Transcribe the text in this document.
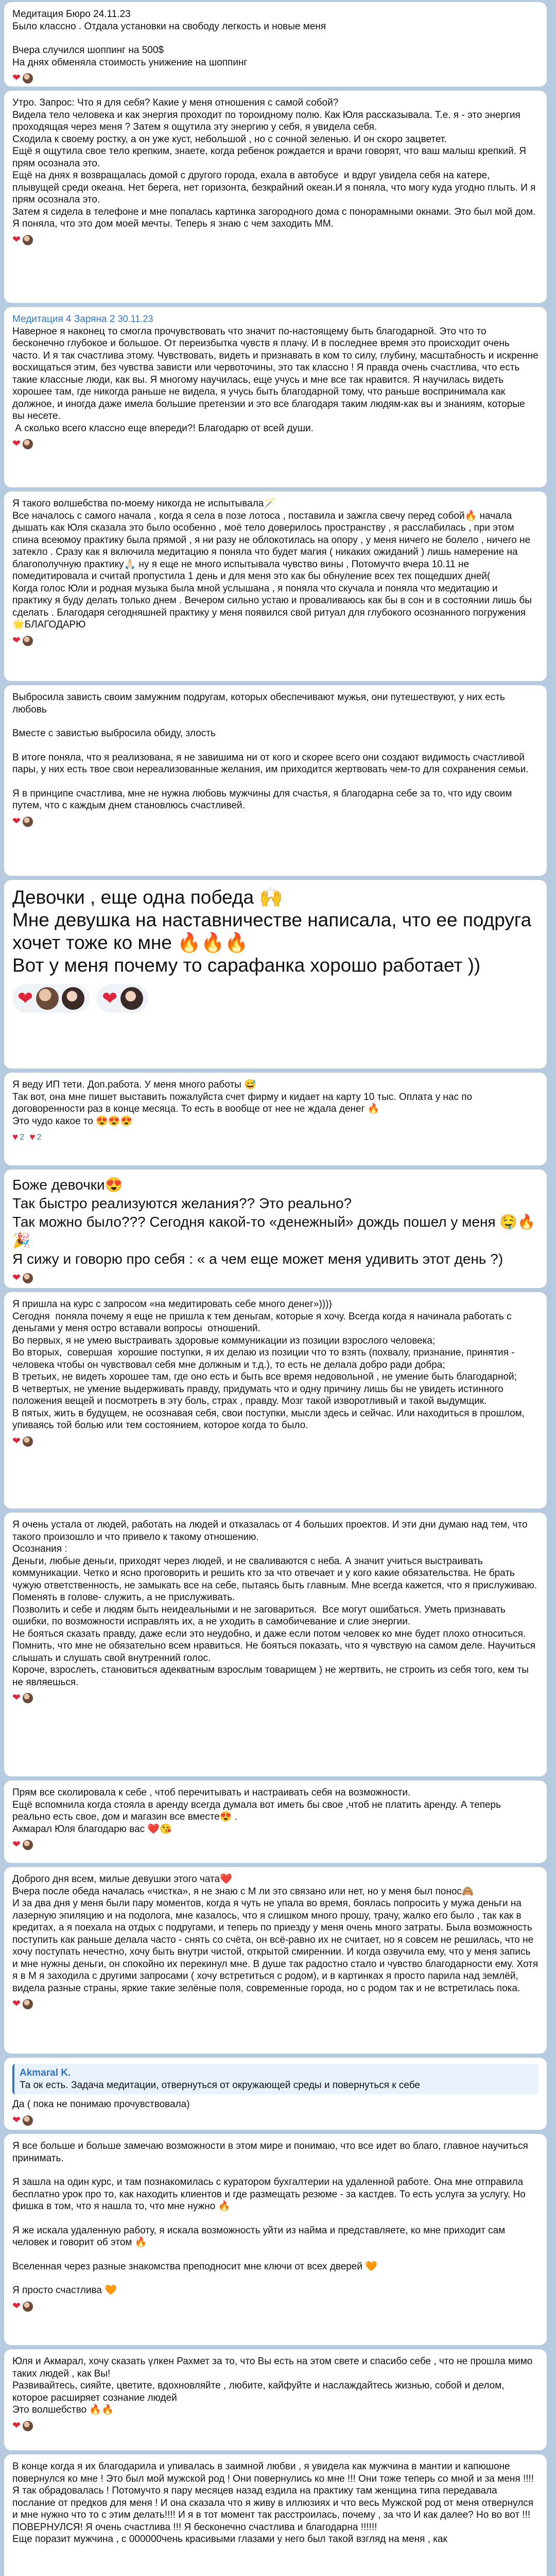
Медитация Бюро 24.11.23

Было классно . Отдала установки на свободу легкость и новые меня

Вчера случился шоппинг на 500$

На днях обменяла стоимость унижение на шоппинг

❤

Утро. Запрос: Что я для себя? Какие у меня отношения с самой собой?

Видела тело человека и как энергия проходит по тороидному полю. Как Юля рассказывала. Т.е. я - это энергия проходящая через меня ? Затем я ощутила эту энергию у себя, я увидела себя.

Сходила к своему ростку, а он уже куст, небольшой , но с сочной зеленью. И он скоро зацветет.

Ещё я ощутила свое тело крепким, знаете, когда ребенок рождается и врачи говорят, что ваш малыш крепкий. Я прям осознала это.

Ещё на днях я возвращалась домой с другого города, ехала в автобусе  и вдруг увидела себя на катере, плывущей среди океана. Нет берега, нет горизонта, безкрайний океан.И я поняла, что могу куда угодно плыть. И я прям осознала это.

Затем я сидела в телефоне и мне попалась картинка загородного дома с понорамными окнами. Это был мой дом. Я поняла, что это дом моей мечты. Теперь я знаю с чем заходить ММ.

❤

Медитация 4 Заряна 2 30.11.23

Наверное я наконец то смогла прочувствовать что значит по-настоящему быть благодарной. Это что то бесконечно глубокое и большое. От переизбытка чувств я плачу. И в последнее время это происходит очень часто. И я так счастлива этому. Чувствовать, видеть и признавать в ком то силу, глубину, масштабность и искренне восхищаться этим, без чувства зависти или червоточины, это так классно ! Я правда очень счастлива, что есть такие классные люди, как вы. Я многому научилась, еще учусь и мне все так нравится. Я научилась видеть хорошее там, где никогда раньше не видела, я учусь быть благодарной тому, что раньше воспринимала как должное, и иногда даже имела большие претензии и это все благодаря таким людям-как вы и знаниям, которые вы несете.

А сколько всего классно еще впереди?! Благодарю от всей души.

❤

Я такого волшебства по-моему никогда не испытывала🪄

Все началось с самого начала , когда я села в позе лотоса , поставила и зажгла свечу перед собой🔥 начала дышать как Юля сказала это было особенно , моё тело доверилось пространству , я расслабилась , при этом спина всеюмоу практику была прямой , я ни разу не облокотилась на опору , у меня ничего не болело , ничего не затекло . Сразу как я включила медитацию я поняла что будет магия ( никаких ожиданий ) лишь намерение на благополучную практику🙏🏻 ну я еще не много испытывала чувство вины , Потомучто вчера 10.11 не помедитировала и считай пропустила 1 день и для меня это как бы обнуление всех тех пощедших дней(

Когда голос Юли и родная музыка была мной услышана , я поняла что скучала и поняла что медитацию и практику я буду делать только днем . Вечером сильно устаю и проваливаюсь как бы в сон и в состоянии лишь бы сделать . Благодаря сегодняшней практику у меня появился свой ритуал для глубокого осознанного погружения 🌟БЛАГОДАРЮ

❤

Выбросила зависть своим замужним подругам, которых обеспечивают мужья, они путешествуют, у них есть любовь

Вместе с завистью выбросила обиду, злость

В итоге поняла, что я реализована, я не завишима ни от кого и скорее всего они создают видимость счастливой пары, у них есть твое свои нереализованные желания, им приходится жертвовать чем-то для сохранения семьи.

Я в принципе счастлива, мне не нужна любовь мужчины для счастья, я благодарна себе за то, что иду своим путем, что с каждым днем становлюсь счастливей.

❤

Девочки , еще одна победа 🙌

Мне девушка на наставничестве написала, что ее подруга хочет тоже ко мне 🔥🔥🔥

Вот у меня почему то сарафанка хорошо работает ))

❤	❤

Я веду ИП тети. Доп.работа. У меня много работы 😅

Так вот, она мне пишет выставить пожалуйста счет фирму и кидает на карту 10 тыс. Оплата у нас по договоренности раз в конце месяца. То есть в вообще от нее не ждала денег 🔥

Это чудо какое то 😍😍😍

♥ 2 ♥ 2

Боже девочки😍

Так быстро реализуются желания?? Это реально?

Так можно было??? Сегодня какой-то «денежный» дождь пошел у меня 🤤🔥🎉

Я сижу и говорю про себя : « а чем еще может меня удивить этот день ?)

❤

Я пришла на курс с запросом «на медитировать себе много денег»))))

Сегодня  поняла почему я еще не пришла к тем деньгам, которые я хочу. Всегда когда я начинала работать с деньгами у меня остро вставали вопросы  отношений.

Во первых, я не умею выстраивать здоровые коммуникации из позиции взрослого человека;

Во вторых,  совершая  хорошие поступки, я их делаю из позиции что то взять (похвалу, признание, принятия - человека чтобы он чувствовал себя мне должным и т.д.), то есть не делала добро ради добра;

В третьих, не видеть хорошее там, где оно есть и быть все время недовольной , не умение быть благодарной;

В четвертых, не умение выдерживать правду, придумать что и одну причину лишь бы не увидеть истинного положения вещей и посмотреть в эту боль, страх , правду. Мозг такой изворотливый и такой выдумщик.

В пятых, жить в будущем, не осознавая себя, свои поступки, мысли здесь и сейчас. Или находиться в прошлом, упиваясь той болью или тем состоянием, которое когда то было.

❤

Я очень устала от людей, работать на людей и отказалась от 4 больших проектов. И эти дни думаю над тем, что такого произошло и что привело к такому отношению.

Осознания :

Деньги, любые деньги, приходят через людей, и не сваливаются с неба. А значит учиться выстраивать коммуникации. Четко и ясно проговорить и решить кто за что отвечает и у кого какие обязательства. Не брать чужую ответственность, не замыкать все на себе, пытаясь быть главным. Мне всегда кажется, что я прислуживаю. Поменять в голове- служить, а не прислуживать.

Позволить и себе и людям быть неидеальными и не заговариться.  Все могут ошибаться. Уметь признавать ошибки, по возможности исправлять их, а не уходить в самобичевание и слие энергии.

Не бояться сказать правду, даже если это неудобно, и даже если потом человек ко мне будет плохо относиться. Помнить, что мне не обязательно всем нравиться. Не бояться показать, что я чувствую на самом деле. Научиться слышать и слушать свой внутренний голос.

Короче, взрослеть, становиться адекватным взрослым товарищем ) не жертвить, не строить из себя того, кем ты не являешься.

❤

Прям все сколировала к себе , чтоб перечитывать и настраивать себя на возможности.

Ещё вспомнила когда стояла в аренду всегда думала вот иметь бы свое ,чтоб не платить аренду. А теперь реально есть свое, дом и магазин все вместе😍 .

Акмарал Юля благодарю вас ❤️😘

❤

Доброго дня всем, милые девушки этого чата❤️

Вчера после обеда началась «чистка», я не знаю с М ли это связано или нет, но у меня был понос🙈

И за два дня у меня были пару моментов, когда я чуть не упала во время, боялась попросить у мужа деньги на  лазерную эпиляцию и на подолога, мне казалось, что я слишком много прошу, трачу, жалко его было , так как в кредитах, а я поехала на отдых с подругами, и теперь по приезду у меня очень много затраты. Была возможность поступить как раньше делала часто - снять со счёта, он всё-равно их не считает, но я совсем не решилась, что не хочу поступать нечестно, хочу быть внутри чистой, открытой смиреннии. И когда озвучила ему, что у меня запись и мне нужны деньги, он спокойно их перекинул мне. В душе так радостно стало и чувство благодарности ему. Хотя я в М я заходила с другими запросами ( хочу встретиться с родом), и в картинках я просто парила над землёй, видела разные страны, яркие такие зелёные поля, современные города, но с родом так и не встретилась пока.

❤
Akmaral K.
Та ок есть. Задача медитации, отвернуться от окружающей среды и повернуться к себе

Да ( пока не понимаю прочувствовала)

❤

Я все больше и больше замечаю возможности в этом мире и понимаю, что все идет во благо, главное научиться принимать.

Я зашла на один курс, и там познакомилась с куратором бухгалтерии на удаленной работе. Она мне отправила бесплатно урок про то, как находить клиентов и где размещать резюме - за кастдев. То есть услуга за услугу. Но фишка в том, что я нашла то, что мне нужно 🔥

Я же искала удаленную работу, я искала возможность уйти из найма и представляете, ко мне приходит сам человек и говорит об этом 🔥

Вселенная через разные знакомства преподносит мне ключи от всех дверей 🧡

Я просто счастлива 🧡

❤

Юля и Акмарал, хочу сказать үлкен Рахмет за то, что Вы есть на этом свете и спасибо себе , что не прошла мимо таких людей , как Вы!

Развивайтесь, сияйте, цветите, вдохновляйте , любите, кайфуйте и наслаждайтесь жизнью, собой и делом, которое расширяет сознание людей

Это волшебство 🔥🔥

❤

В конце когда я их благодарила и упивалась в заимной любви , я увидела как мужчина в мантии и капюшоне повернулся ко мне ! Это был мой мужской род ! Они повернулись ко мне !!! Они тоже теперь со мной и за меня !!!! Я так обрадовалась ! Потомучто я пару месяцев назад ездила на практику там женщина типа передавала послание от предков для меня ! И она сказала что я живу в иллюзиях и что весь Мужской род от меня отвернулся и мне нужно что то с этим делать!!!! И я в тот момент так расстроилась, почему , за что И как далее? Но во вот !!! ПОВЕРНУЛСЯ! Я очень счастлива !!! Я бесконечно счастлива и благодарна !!!!!!

Еще поразит мужчина , с 000000чень красивыми глазами у него был такой взгляд на меня , как
